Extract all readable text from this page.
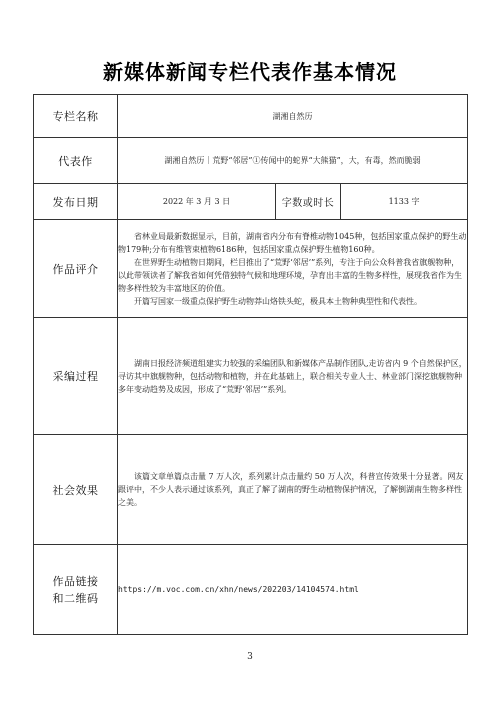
新媒体新闻专栏代表作基本情况
专栏名称	湖湘自然历		
代表作	湖湘自然历｜荒野“邻居”①传闻中的蛇界“大熊猫”，大，有毒，然而脆弱		
发布日期	2022 年 3 月 3 日	字数或时长	1133 字
作品评介	省林业局最新数据显示，目前，湖南省内分布有脊椎动物1045种，包括国家重点保护的野生动物179种;分布有维管束植物6186种，包括国家重点保护野生植物160种。

在世界野生动植物日期间，栏目推出了“荒野‘邻居’”系列，专注于向公众科普我省旗舰物种，以此带领读者了解我省如何凭借独特气候和地理环境，孕育出丰富的生物多样性，展现我省作为生物多样性较为丰富地区的价值。

开篇写国家一级重点保护野生动物莽山烙铁头蛇，极具本土物种典型性和代表性。		

采编过程	湖南日报经济频道组建实力较强的采编团队和新媒体产品制作团队,走访省内 9 个自然保护区，寻访其中旗舰物种，包括动物和植物，并在此基础上，联合相关专业人士、林业部门深挖旗舰物种多年变动趋势及成因，形成了“荒野‘邻居’”系列。		

社会效果	该篇文章单篇点击量 7 万人次，系列累计点击量约 50 万人次，科普宣传效果十分显著。网友跟评中，不少人表示通过该系列，真正了解了湖南的野生动植物保护情况，了解倒湖南生物多样性之美。		

作品链接
和二维码	https://m.voc.com.cn/xhn/news/202203/14104574.html		
3
